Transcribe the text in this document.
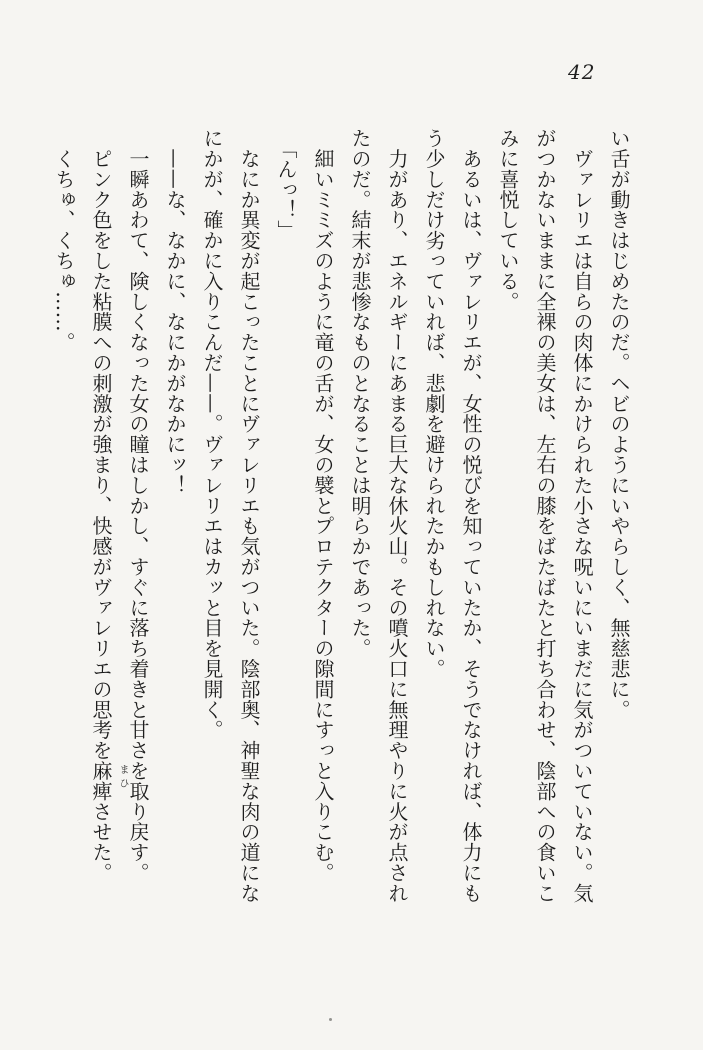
42
い舌が動きはじめたのだ。ヘビのようにいやらしく、無慈悲に。
　ヴァレリエは自らの肉体にかけられた小さな呪いにいまだに気がついていない。気
がつかないままに全裸の美女は、左右の膝をばたばたと打ち合わせ、陰部への食いこ
みに喜悦している。
　あるいは、ヴァレリエが、女性の悦びを知っていたか、そうでなければ、体力にも
う少しだけ劣っていれば、悲劇を避けられたかもしれない。
　力があり、エネルギーにあまる巨大な休火山。その噴火口に無理やりに火が点され
たのだ。結末が悲惨なものとなることは明らかであった。
　細いミミズのように竜の舌が、女の襞とプロテクターの隙間にすっと入りこむ。
　「んっ！」
　なにか異変が起こったことにヴァレリエも気がついた。陰部奥、神聖な肉の道にな
にかが、確かに入りこんだ——。ヴァレリエはカッと目を見開く。
　——な、なかに、なにかがなかにッ！
　一瞬あわて、険しくなった女の瞳はしかし、すぐに落ち着きと甘さを取り戻す。
　ピンク色をした粘膜への刺激が強まり、快感がヴァレリエの思考を麻痺させた。
　くちゅ、くちゅ……。
まひ
